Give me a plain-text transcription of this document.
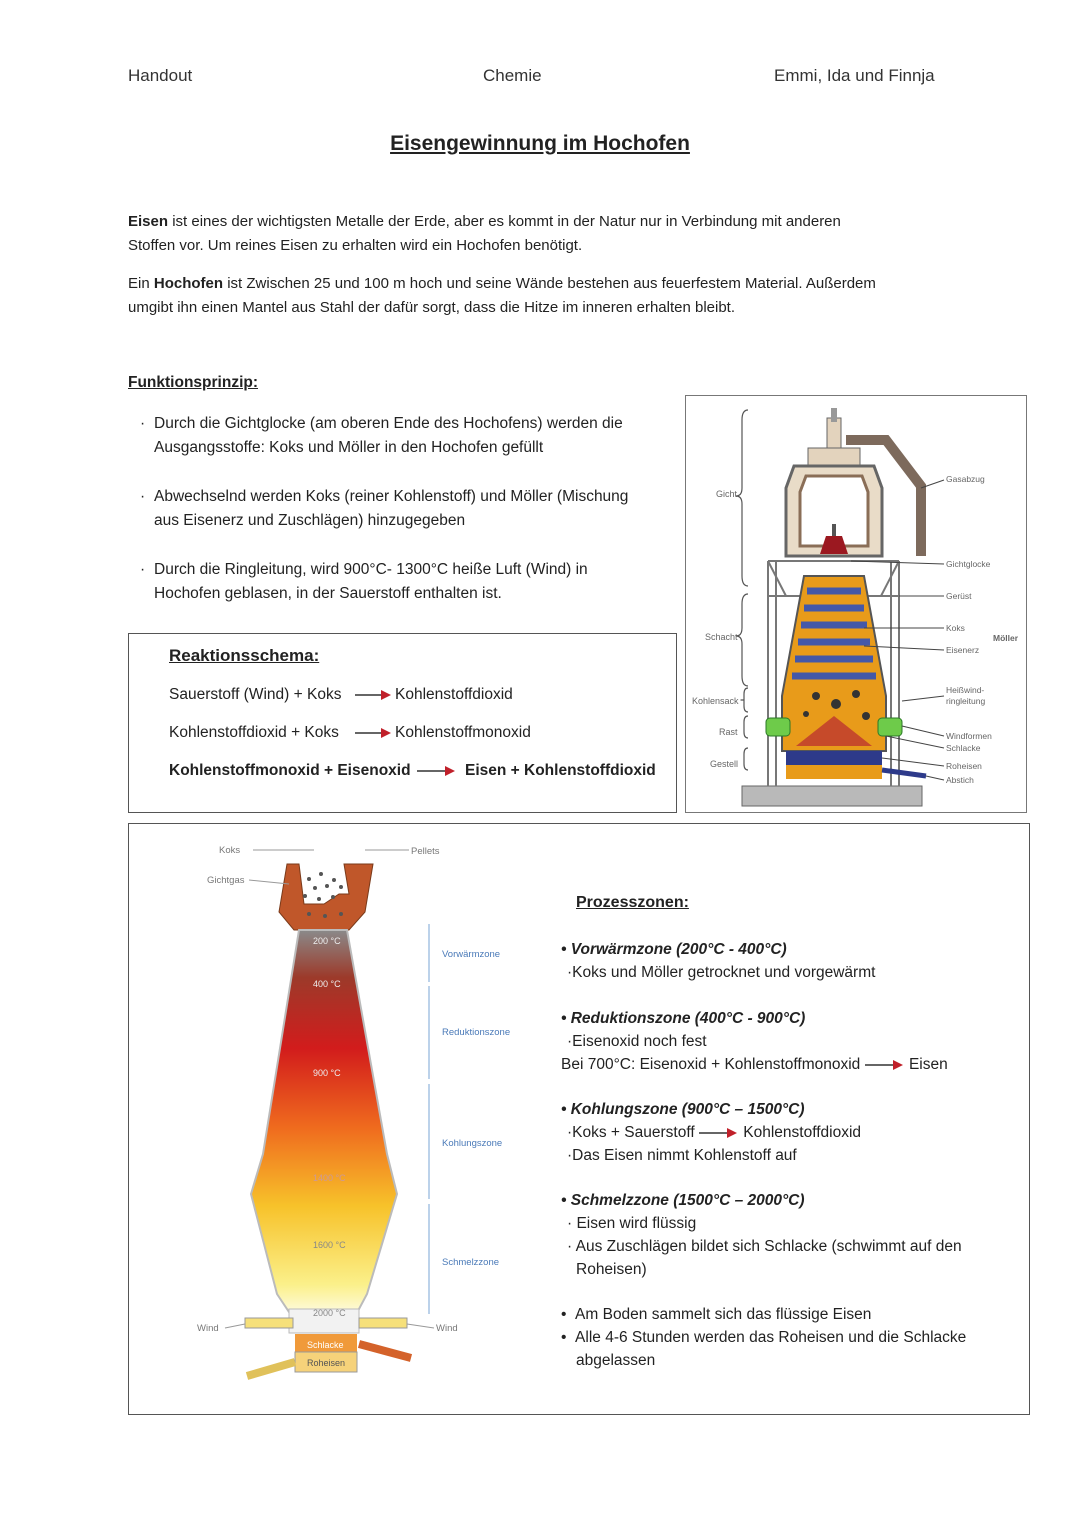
Handout	Chemie	Emmi, Ida und Finnja
Eisengewinnung im Hochofen
Eisen ist eines der wichtigsten Metalle der Erde, aber es kommt in der Natur nur in Verbindung mit anderen
Stoffen vor. Um reines Eisen zu erhalten wird ein Hochofen benötigt.
Ein Hochofen ist Zwischen 25 und 100 m hoch und seine Wände bestehen aus feuerfestem Material. Außerdem
umgibt ihn einen Mantel aus Stahl der dafür sorgt, dass die Hitze im inneren erhalten bleibt.
Funktionsprinzip:
· Durch die Gichtglocke (am oberen Ende des Hochofens) werden die
Ausgangsstoffe: Koks und Möller in den Hochofen gefüllt
· Abwechselnd werden Koks (reiner Kohlenstoff) und Möller (Mischung
aus Eisenerz und Zuschlägen) hinzugegeben
· Durch die Ringleitung, wird 900°C- 1300°C heiße Luft (Wind) in
Hochofen geblasen, in der Sauerstoff enthalten ist.
Reaktionsschema:
Sauerstoff (Wind) + Koks	Kohlenstoffdioxid
Kohlenstoffdioxid + Koks	Kohlenstoffmonoxid
Kohlenstoffmonoxid + Eisenoxid	Eisen + Kohlenstoffdioxid
Gicht
Schacht
Kohlensack
Rast
Gestell
Gasabzug
Gichtglocke
Gerüst
Koks
Eisenerz
Heißwind-
ringleitung
Windformen
Schlacke
Roheisen
Abstich
Möller
Koks	Pellets
Gichtgas
Wind	Wind
200 °C
400 °C
900 °C
1400 °C
1600 °C
2000 °C
Schlacke
Roheisen
Vorwärmzone
Reduktionszone
Kohlungszone
Schmelzzone
Prozesszonen:
• Vorwärmzone (200°C - 400°C)
·Koks und Möller getrocknet und vorgewärmt
• Reduktionszone (400°C - 900°C)
·Eisenoxid noch fest
Bei 700°C: Eisenoxid + Kohlenstoffmonoxid	Eisen
• Kohlungszone (900°C – 1500°C)
·Koks + Sauerstoff	Kohlenstoffdioxid
·Das Eisen nimmt Kohlenstoff auf
• Schmelzzone (1500°C – 2000°C)
· Eisen wird flüssig
· Aus Zuschlägen bildet sich Schlacke (schwimmt auf den
Roheisen)
•  Am Boden sammelt sich das flüssige Eisen
•  Alle 4-6 Stunden werden das Roheisen und die Schlacke
abgelassen
